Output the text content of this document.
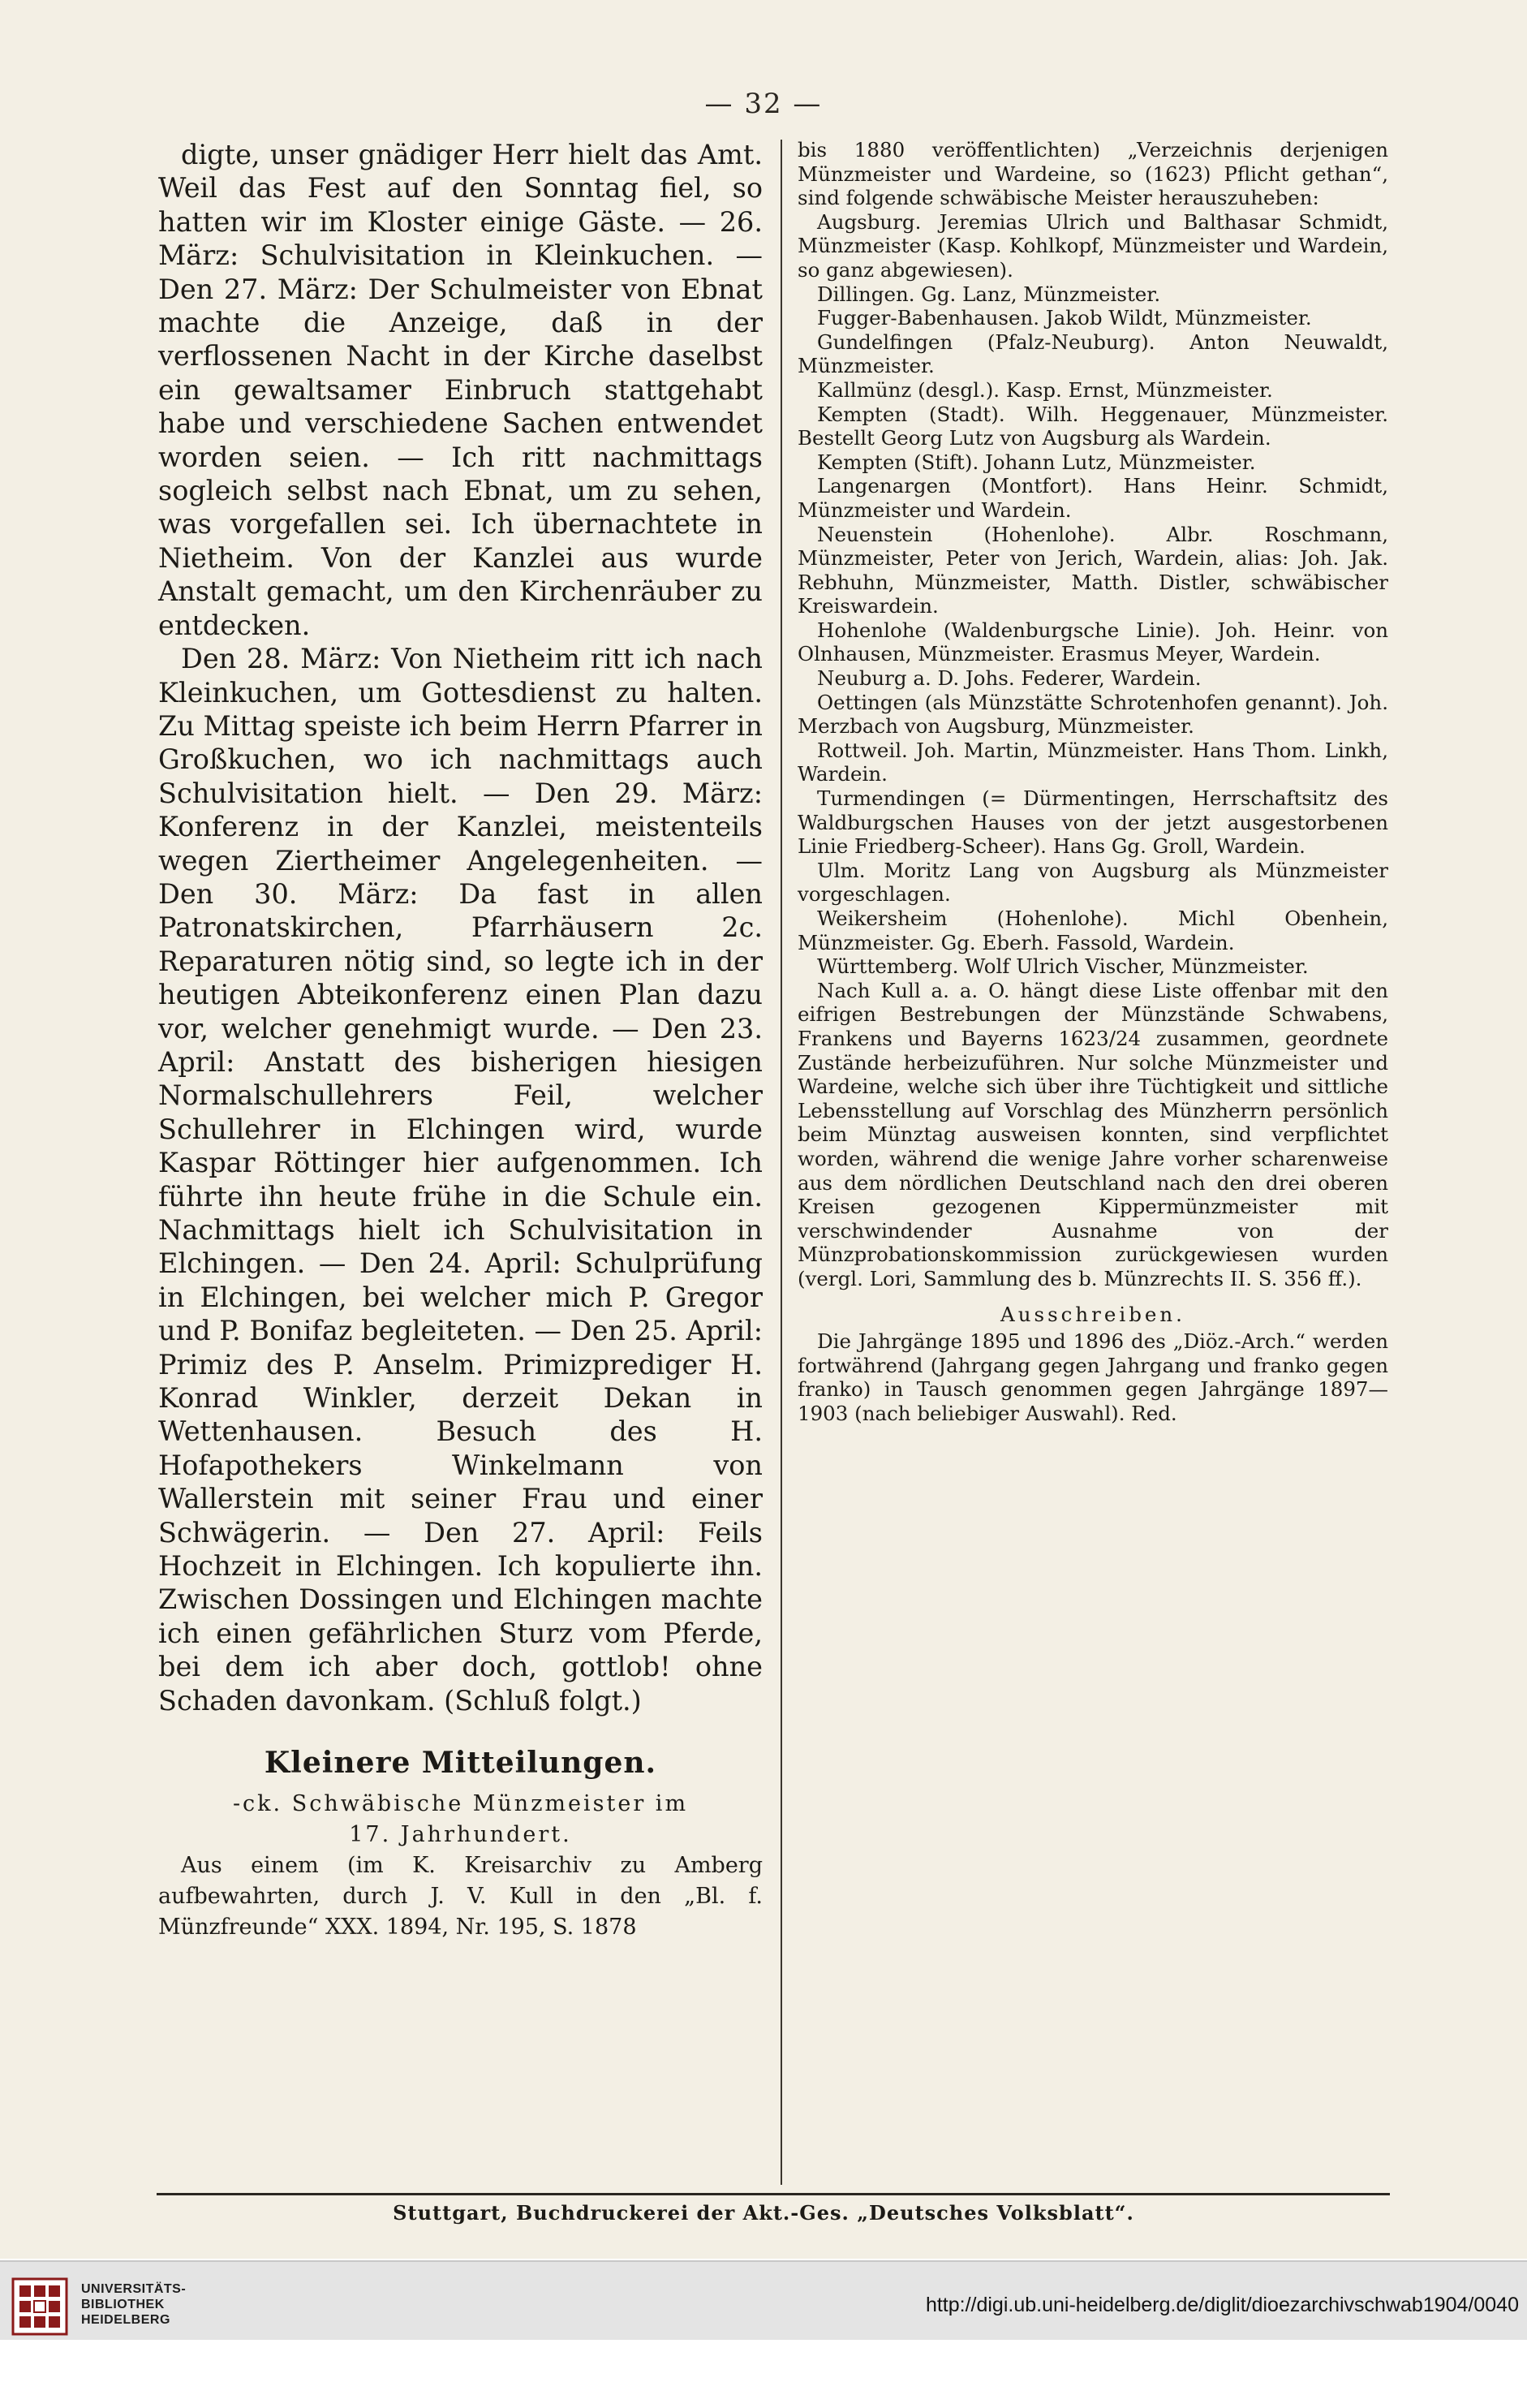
— 32 —

digte, unser gnädiger Herr hielt das Amt. Weil das Fest auf den Sonntag fiel, so hatten wir im Kloster einige Gäste. — 26. März: Schulvisitation in Kleinkuchen. — Den 27. März: Der Schulmeister von Ebnat machte die Anzeige, daß in der verflossenen Nacht in der Kirche daselbst ein gewaltsamer Einbruch stattgehabt habe und verschiedene Sachen entwendet worden seien. — Ich ritt nachmittags sogleich selbst nach Ebnat, um zu sehen, was vorgefallen sei. Ich übernachtete in Nietheim. Von der Kanzlei aus wurde Anstalt gemacht, um den Kirchenräuber zu entdecken.

Den 28. März: Von Nietheim ritt ich nach Kleinkuchen, um Gottesdienst zu halten. Zu Mittag speiste ich beim Herrn Pfarrer in Großkuchen, wo ich nachmittags auch Schulvisitation hielt. — Den 29. März: Konferenz in der Kanzlei, meistenteils wegen Ziertheimer Angelegenheiten. — Den 30. März: Da fast in allen Patronatskirchen, Pfarrhäusern 2c. Reparaturen nötig sind, so legte ich in der heutigen Abteikonferenz einen Plan dazu vor, welcher genehmigt wurde. — Den 23. April: Anstatt des bisherigen hiesigen Normalschullehrers Feil, welcher Schullehrer in Elchingen wird, wurde Kaspar Röttinger hier aufgenommen. Ich führte ihn heute frühe in die Schule ein. Nachmittags hielt ich Schulvisitation in Elchingen. — Den 24. April: Schulprüfung in Elchingen, bei welcher mich P. Gregor und P. Bonifaz begleiteten. — Den 25. April: Primiz des P. Anselm. Primizprediger H. Konrad Winkler, derzeit Dekan in Wettenhausen. Besuch des H. Hofapothekers Winkelmann von Wallerstein mit seiner Frau und einer Schwägerin. — Den 27. April: Feils Hochzeit in Elchingen. Ich kopulierte ihn. Zwischen Dossingen und Elchingen machte ich einen gefährlichen Sturz vom Pferde, bei dem ich aber doch, gottlob! ohne Schaden davonkam. (Schluß folgt.)

Kleinere Mitteilungen.
-ck. Schwäbische Münzmeister im
17. Jahrhundert.

Aus einem (im K. Kreisarchiv zu Amberg aufbewahrten, durch J. V. Kull in den „Bl. f. Münzfreunde“ XXX. 1894, Nr. 195, S. 1878

bis 1880 veröffentlichten) „Verzeichnis derjenigen Münzmeister und Wardeine, so (1623) Pflicht gethan“, sind folgende schwäbische Meister herauszuheben:

Augsburg. Jeremias Ulrich und Balthasar Schmidt, Münzmeister (Kasp. Kohlkopf, Münzmeister und Wardein, so ganz abgewiesen).

Dillingen. Gg. Lanz, Münzmeister.

Fugger-Babenhausen. Jakob Wildt, Münzmeister.

Gundelfingen (Pfalz-Neuburg). Anton Neuwaldt, Münzmeister.

Kallmünz (desgl.). Kasp. Ernst, Münzmeister.

Kempten (Stadt). Wilh. Heggenauer, Münzmeister. Bestellt Georg Lutz von Augsburg als Wardein.

Kempten (Stift). Johann Lutz, Münzmeister.

Langenargen (Montfort). Hans Heinr. Schmidt, Münzmeister und Wardein.

Neuenstein (Hohenlohe). Albr. Roschmann, Münzmeister, Peter von Jerich, Wardein, alias: Joh. Jak. Rebhuhn, Münzmeister, Matth. Distler, schwäbischer Kreiswardein.

Hohenlohe (Waldenburgsche Linie). Joh. Heinr. von Olnhausen, Münzmeister. Erasmus Meyer, Wardein.

Neuburg a. D. Johs. Federer, Wardein.

Oettingen (als Münzstätte Schrotenhofen genannt). Joh. Merzbach von Augsburg, Münzmeister.

Rottweil. Joh. Martin, Münzmeister. Hans Thom. Linkh, Wardein.

Turmendingen (= Dürmentingen, Herrschaftsitz des Waldburgschen Hauses von der jetzt ausgestorbenen Linie Friedberg-Scheer). Hans Gg. Groll, Wardein.

Ulm. Moritz Lang von Augsburg als Münzmeister vorgeschlagen.

Weikersheim (Hohenlohe). Michl Obenhein, Münzmeister. Gg. Eberh. Fassold, Wardein.

Württemberg. Wolf Ulrich Vischer, Münzmeister.

Nach Kull a. a. O. hängt diese Liste offenbar mit den eifrigen Bestrebungen der Münzstände Schwabens, Frankens und Bayerns 1623/24 zusammen, geordnete Zustände herbeizuführen. Nur solche Münzmeister und Wardeine, welche sich über ihre Tüchtigkeit und sittliche Lebensstellung auf Vorschlag des Münzherrn persönlich beim Münztag ausweisen konnten, sind verpflichtet worden, während die wenige Jahre vorher scharenweise aus dem nördlichen Deutschland nach den drei oberen Kreisen gezogenen Kippermünzmeister mit verschwindender Ausnahme von der Münzprobationskommission zurückgewiesen wurden (vergl. Lori, Sammlung des b. Münzrechts II. S. 356 ff.).

Ausschreiben.

Die Jahrgänge 1895 und 1896 des „Diöz.-Arch.“ werden fortwährend (Jahrgang gegen Jahrgang und franko gegen franko) in Tausch genommen gegen Jahrgänge 1897—1903 (nach beliebiger Auswahl). Red.

Stuttgart, Buchdruckerei der Akt.-Ges. „Deutsches Volksblatt“.
UNIVERSITÄTS-
BIBLIOTHEK
HEIDELBERG
http://digi.ub.uni-heidelberg.de/diglit/dioezarchivschwab1904/0040
